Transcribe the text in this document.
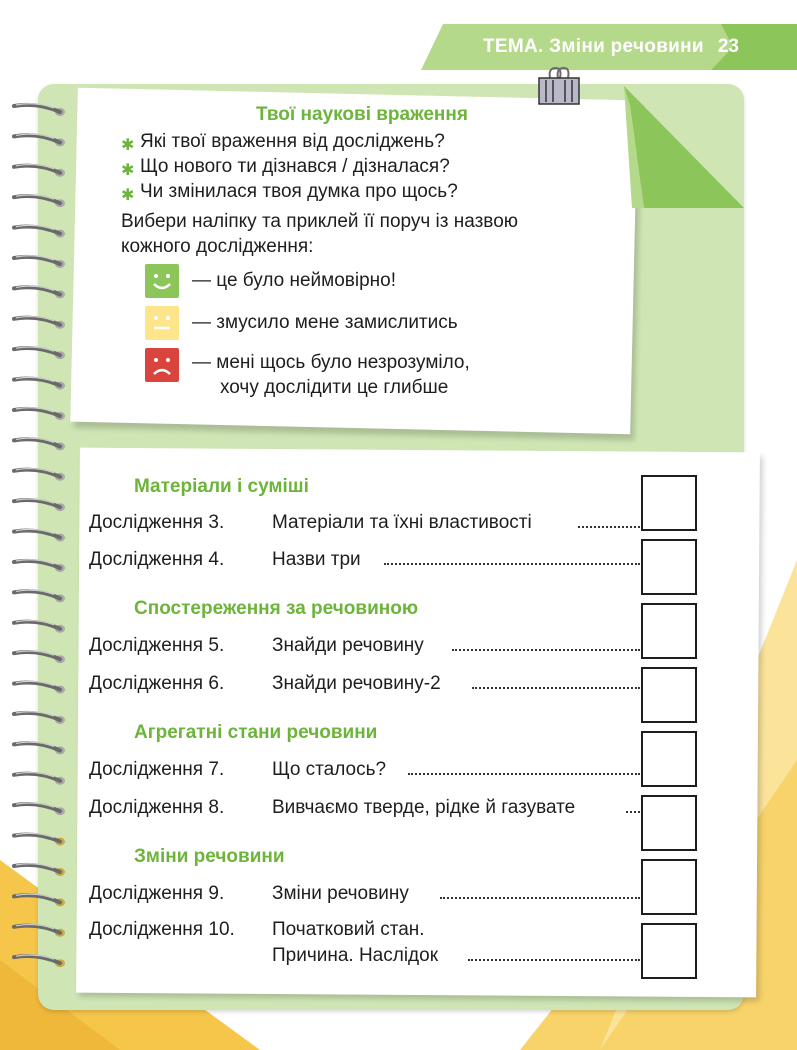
ТЕМА. Зміни речовини 23
Твої наукові враження
✱ Які твої враження від досліджень?
✱ Що нового ти дізнався / дізналася?
✱ Чи змінилася твоя думка про щось?
Вибери наліпку та приклей її поруч із назвою
кожного дослідження:
— це було неймовірно!
— змусило мене замислитись
— мені щось було незрозуміло,
хочу дослідити це глибше
Матеріали і суміші
Дослідження 3.	Матеріали та їхні властивості
Дослідження 4.	Назви три
Спостереження за речовиною
Дослідження 5.	Знайди речовину
Дослідження 6.	Знайди речовину-2
Агрегатні стани речовини
Дослідження 7.	Що сталось?
Дослідження 8.	Вивчаємо тверде, рідке й газувате
Зміни речовини
Дослідження 9.	Зміни речовину
Дослідження 10. Початковий стан.
Причина. Наслідок
